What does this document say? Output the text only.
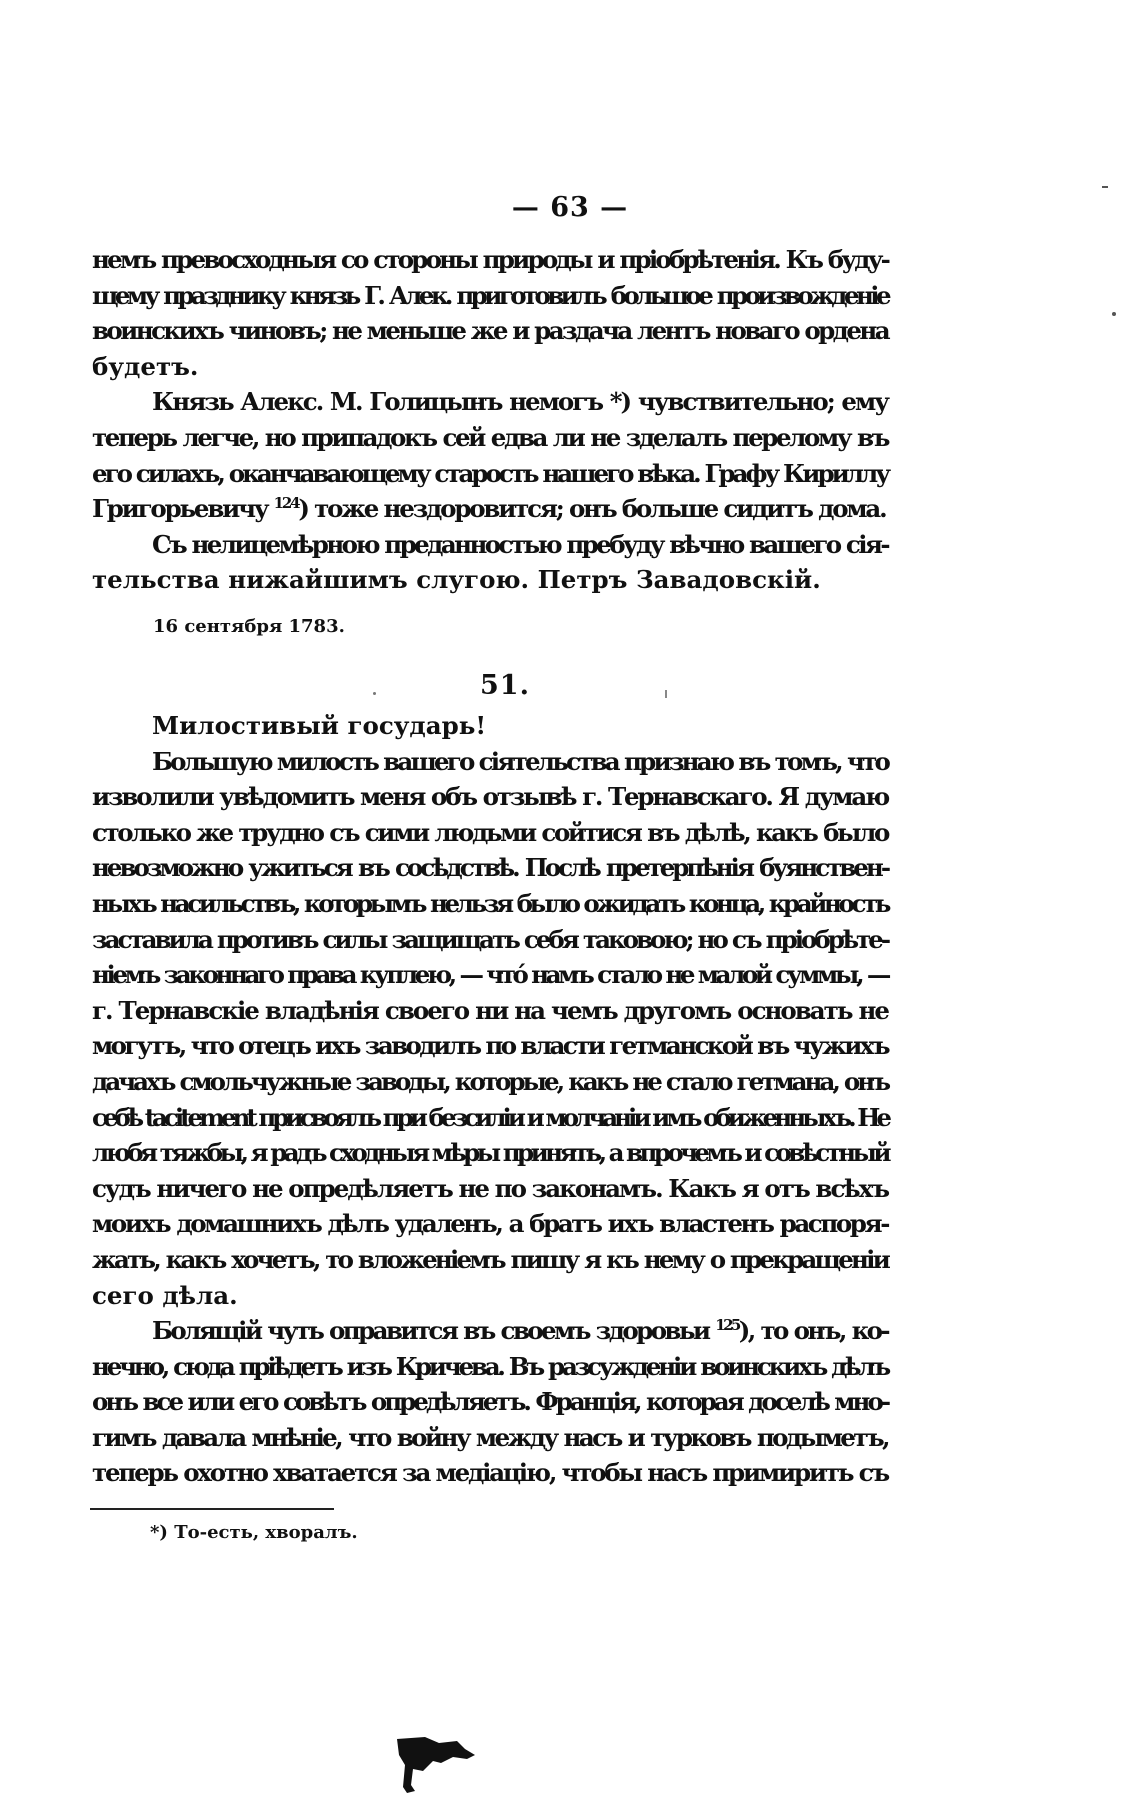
— 63 —
немъ превосходныя со стороны природы и пріобрѣтенія. Къ буду-
щему празднику князь Г. Алек. приготовилъ большое произвожденіе
воинскихъ чиновъ; не меньше же и раздача лентъ новаго ордена
будетъ.
Князь Алекс. М. Голицынъ немогъ *) чувствительно; ему
теперь легче, но припадокъ сей едва ли не зделалъ перелому въ
его силахъ, оканчавающему старость нашего вѣка. Графу Кириллу
Григорьевичу $^{124}$) тоже нездоровится; онъ больше сидитъ дома.
Съ нелицемѣрною преданностью пребуду вѣчно вашего сія-
тельства нижайшимъ слугою. Петръ Завадовскій.
16 сентября 1783.
51.
Милостивый государь!
Большую милость вашего сіятельства признаю въ томъ, что
изволили увѣдомить меня объ отзывѣ г. Тернавскаго. Я думаю
столько же трудно съ сими людьми сойтися въ дѣлѣ, какъ было
невозможно ужиться въ сосѣдствѣ. Послѣ претерпѣнія буянствен-
ныхъ насильствъ, которымъ нельзя было ожидать конца, крайность
заставила противъ силы защищать себя таковою; но съ пріобрѣте-
ніемъ законнаго права куплею, — что́ намъ стало не малой суммы, —
г. Тернавскіе владѣнія своего ни на чемъ другомъ основать не
могутъ, что отецъ ихъ заводилъ по власти гетманской въ чужихъ
дачахъ смольчужные заводы, которые, какъ не стало гетмана, онъ
себѣ tacitement присвоялъ при безсиліи и молчаніи имъ обиженныхъ. Не
любя тяжбы, я радъ сходныя мѣры принять, а впрочемъ и совѣстный
судъ ничего не опредѣляетъ не по законамъ. Какъ я отъ всѣхъ
моихъ домашнихъ дѣлъ удаленъ, а братъ ихъ властенъ распоря-
жать, какъ хочетъ, то вложеніемъ пишу я къ нему о прекращеніи
сего дѣла.
Болящій чуть оправится въ своемъ здоровьи $^{125}$), то онъ, ко-
нечно, сюда пріѣдетъ изъ Кричева. Въ разсужденіи воинскихъ дѣлъ
онъ все или его совѣтъ опредѣляетъ. Франція, которая доселѣ мно-
гимъ давала мнѣніе, что войну между насъ и турковъ подыметъ,
теперь охотно хватается за медіацію, чтобы насъ примирить съ
*) То-есть, хворалъ.
